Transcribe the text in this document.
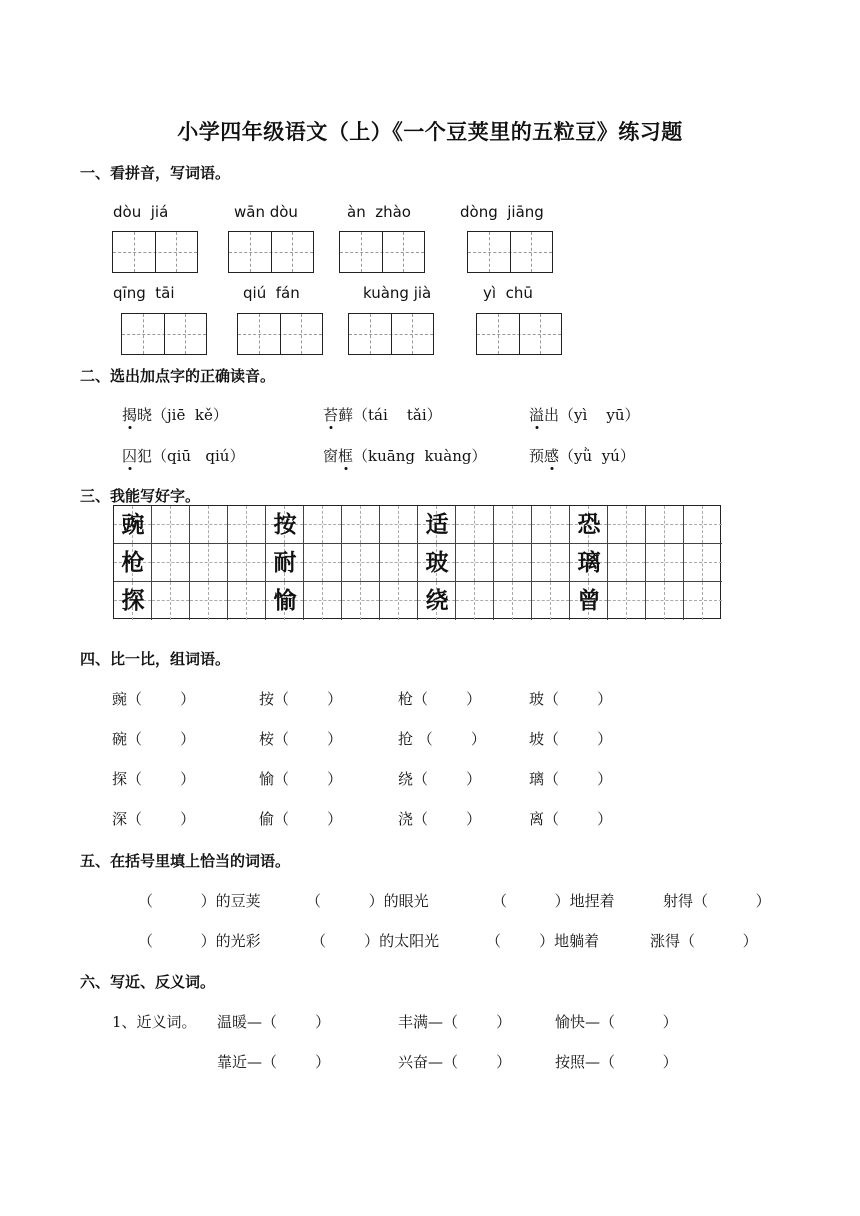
小学四年级语文（上）《一个豆荚里的五粒豆》练习题
一、看拼音，写词语。
dòu  jiá	wān dòu	àn  zhào	dòng  jiāng
qīng  tāi	qiú  fán	kuàng jià	yì  chū
二、选出加点字的正确读音。
揭晓（jiē  kě）	苔藓（tái    tǎi）	溢出（yì    yū）
囚犯（qiū   qiú）	窗框（kuāng  kuàng）	预感（yǜ  yú）
三、我能写好字。
豌	按	适	恐
枪	耐	玻	璃
探	愉	绕	曾
四、比一比，组词语。
豌（        ）	按（        ）	枪（        ）	玻（        ）
碗（        ）	桉（        ）	抢 （        ）	坡（        ）
探（        ）	愉（        ）	绕（        ）	璃（        ）
深（        ）	偷（        ）	浇（        ）	离（        ）
五、在括号里填上恰当的词语。
（          ）的豆荚	（          ）的眼光	（          ）地捏着	射得（          ）
（          ）的光彩	（        ）的太阳光	（        ）地躺着	涨得（          ）
六、写近、反义词。
1、近义词。 温暖—（        ）	丰满—（        ）	愉快—（          ）
靠近—（        ）	兴奋—（        ）	按照—（          ）
